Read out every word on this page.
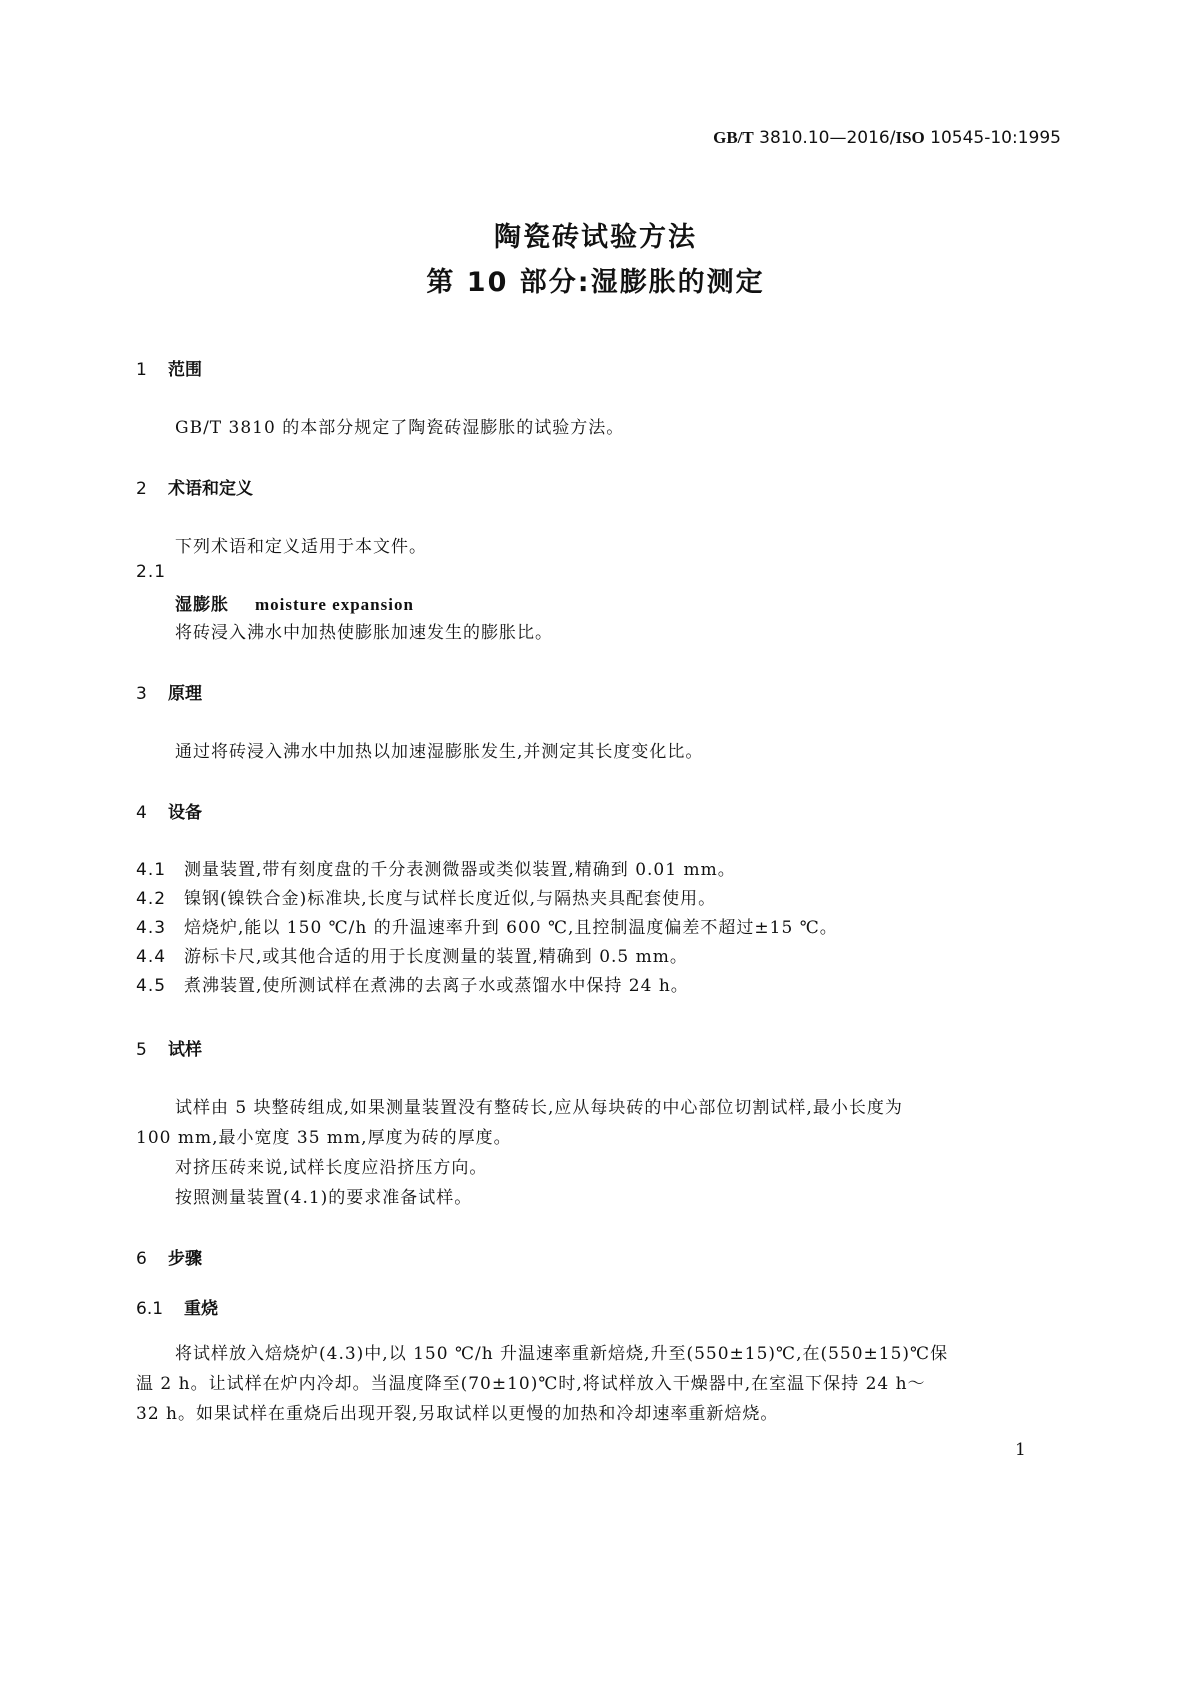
GB/T 3810.10—2016/ISO 10545-10:1995
陶瓷砖试验方法
第 10 部分:湿膨胀的测定
1 范围
GB/T 3810 的本部分规定了陶瓷砖湿膨胀的试验方法。
2 术语和定义
下列术语和定义适用于本文件。
2.1
湿膨胀 moisture expansion
将砖浸入沸水中加热使膨胀加速发生的膨胀比。
3 原理
通过将砖浸入沸水中加热以加速湿膨胀发生,并测定其长度变化比。
4 设备
4.1 测量装置,带有刻度盘的千分表测微器或类似装置,精确到 0.01 mm。
4.2 镍钢(镍铁合金)标准块,长度与试样长度近似,与隔热夹具配套使用。
4.3 焙烧炉,能以 150 ℃/h 的升温速率升到 600 ℃,且控制温度偏差不超过±15 ℃。
4.4 游标卡尺,或其他合适的用于长度测量的装置,精确到 0.5 mm。
4.5 煮沸装置,使所测试样在煮沸的去离子水或蒸馏水中保持 24 h。
5 试样
试样由 5 块整砖组成,如果测量装置没有整砖长,应从每块砖的中心部位切割试样,最小长度为
100 mm,最小宽度 35 mm,厚度为砖的厚度。
对挤压砖来说,试样长度应沿挤压方向。
按照测量装置(4.1)的要求准备试样。
6 步骤
6.1 重烧
将试样放入焙烧炉(4.3)中,以 150 ℃/h 升温速率重新焙烧,升至(550±15)℃,在(550±15)℃保
温 2 h。让试样在炉内冷却。当温度降至(70±10)℃时,将试样放入干燥器中,在室温下保持 24 h～
32 h。如果试样在重烧后出现开裂,另取试样以更慢的加热和冷却速率重新焙烧。
1
